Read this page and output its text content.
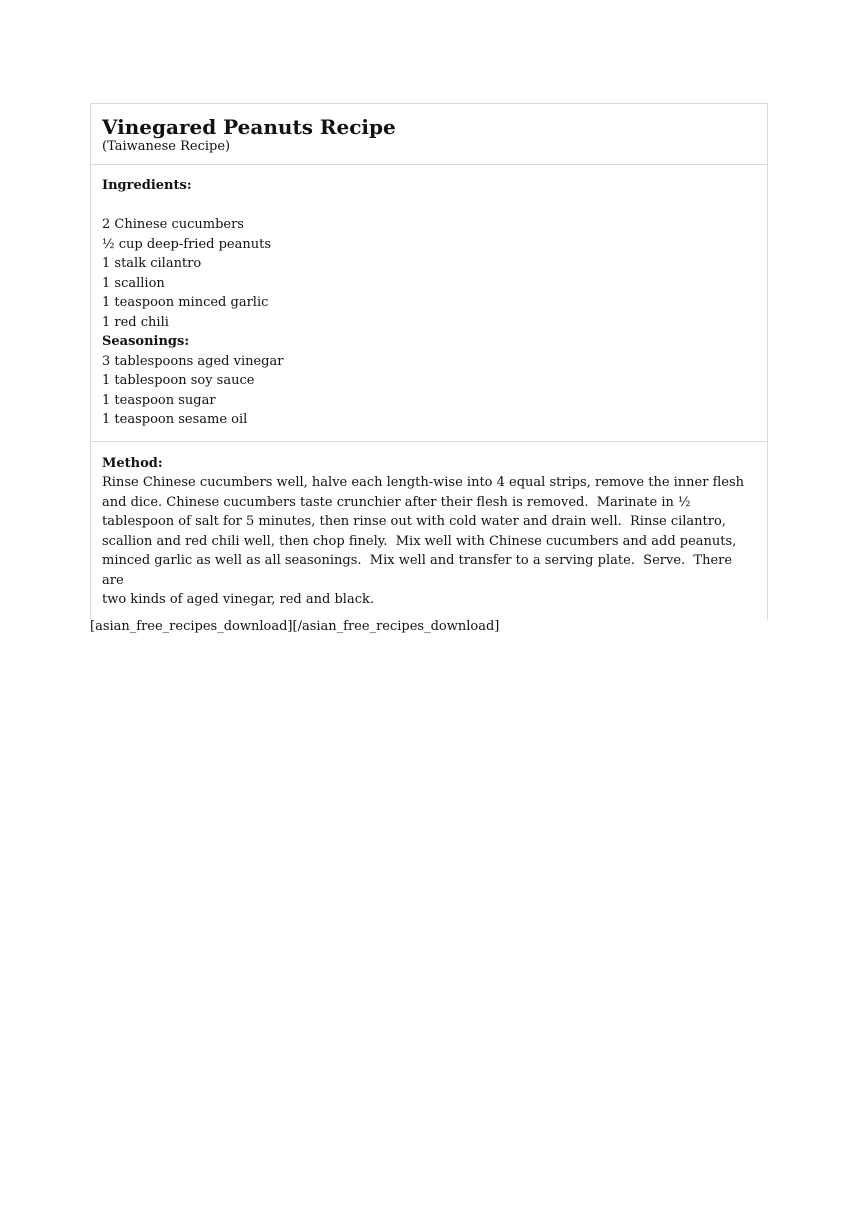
Vinegared Peanuts Recipe

(Taiwanese Recipe)

Ingredients:

2 Chinese cucumbers

½ cup deep-fried peanuts

1 stalk cilantro

1 scallion

1 teaspoon minced garlic

1 red chili

Seasonings:

3 tablespoons aged vinegar

1 tablespoon soy sauce

1 teaspoon sugar

1 teaspoon sesame oil

Method:

Rinse Chinese cucumbers well, halve each length-wise into 4 equal strips, remove the inner flesh
and dice. Chinese cucumbers taste crunchier after their flesh is removed.  Marinate in ½
tablespoon of salt for 5 minutes, then rinse out with cold water and drain well.  Rinse cilantro,
scallion and red chili well, then chop finely.  Mix well with Chinese cucumbers and add peanuts,
minced garlic as well as all seasonings.  Mix well and transfer to a serving plate.  Serve.  There are
two kinds of aged vinegar, red and black.

[asian_free_recipes_download][/asian_free_recipes_download]
